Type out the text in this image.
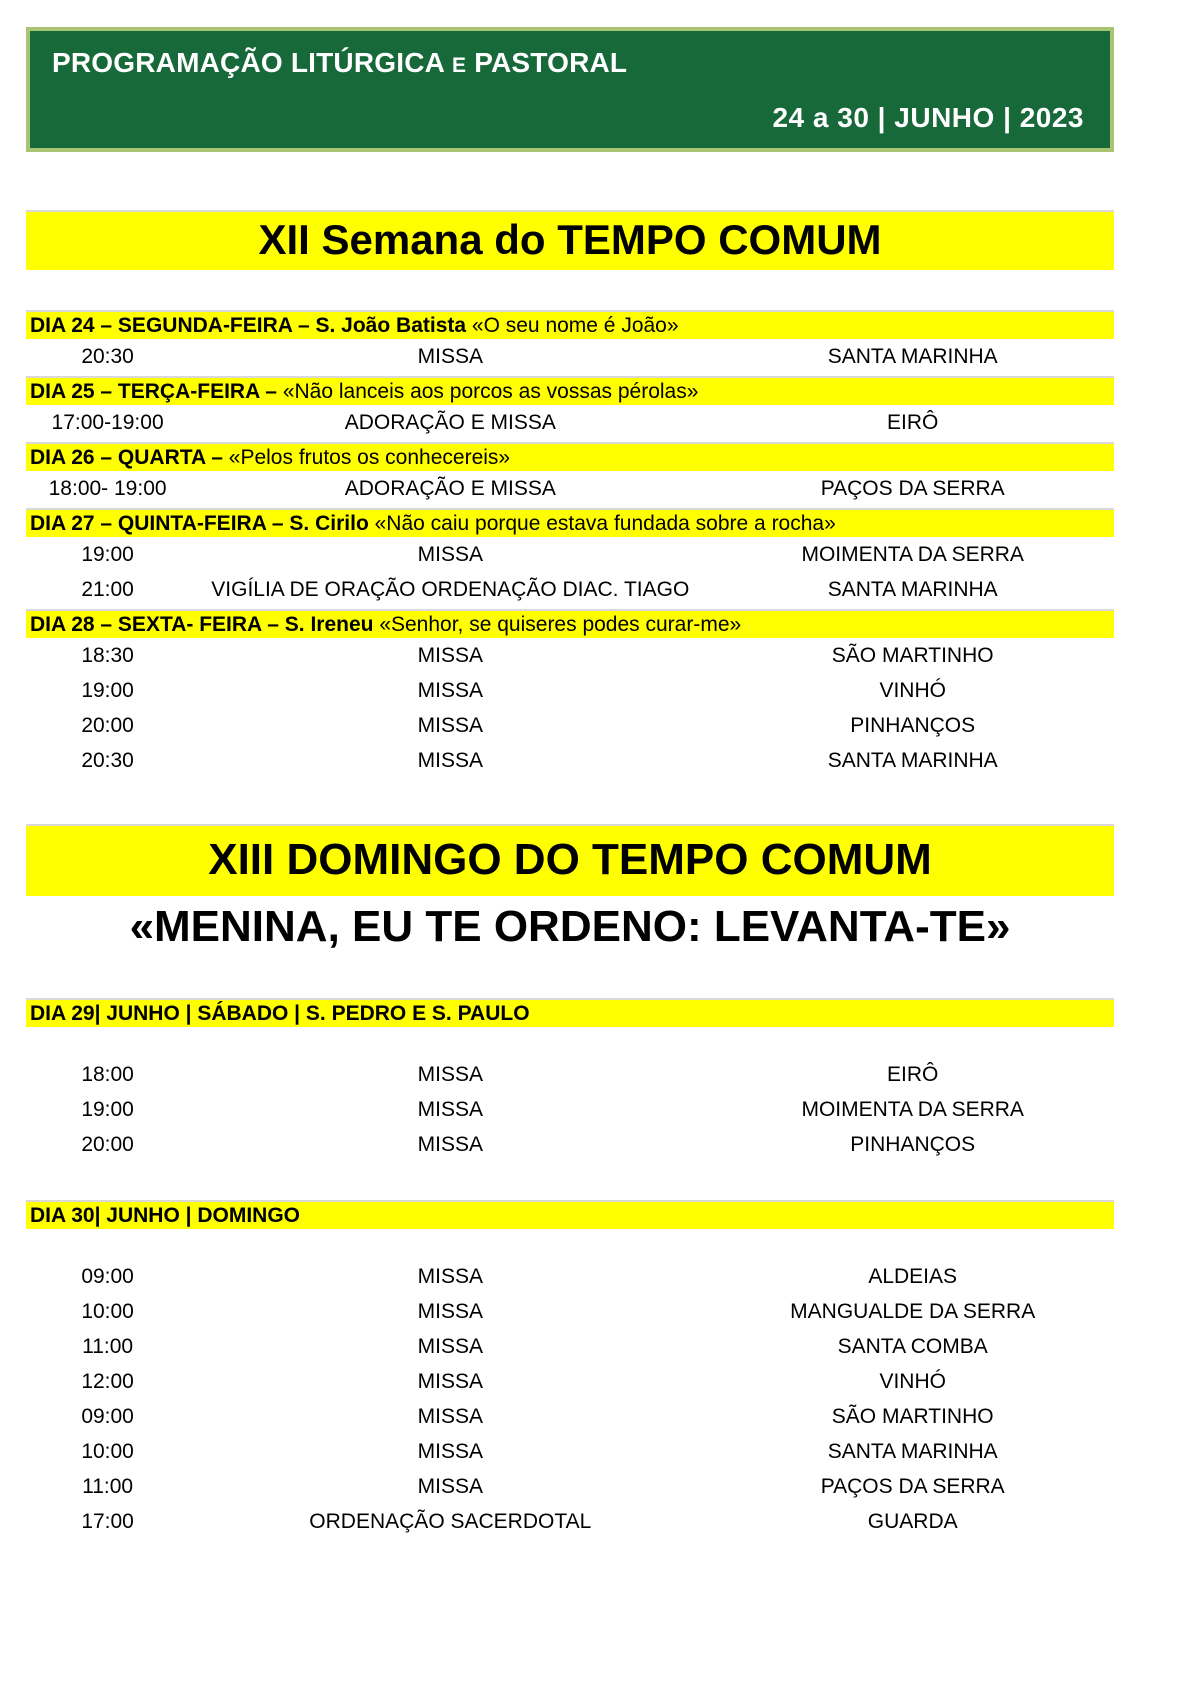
PROGRAMAÇÃO LITÚRGICA E PASTORAL
24 a 30 | JUNHO | 2023
XII Semana do TEMPO COMUM
DIA 24 – SEGUNDA-FEIRA – S. João Batista «O seu nome é João»
20:30	MISSA	SANTA MARINHA
DIA 25 – TERÇA-FEIRA – «Não lanceis aos porcos as vossas pérolas»
17:00-19:00	ADORAÇÃO E MISSA	EIRÔ
DIA 26 – QUARTA – «Pelos frutos os conhecereis»
18:00- 19:00	ADORAÇÃO E MISSA	PAÇOS DA SERRA
DIA 27 – QUINTA-FEIRA – S. Cirilo «Não caiu porque estava fundada sobre a rocha»
19:00	MISSA	MOIMENTA DA SERRA
21:00	VIGÍLIA DE ORAÇÃO ORDENAÇÃO DIAC. TIAGO	SANTA MARINHA
DIA 28 – SEXTA- FEIRA – S. Ireneu «Senhor, se quiseres podes curar-me»
18:30	MISSA	SÃO MARTINHO
19:00	MISSA	VINHÓ
20:00	MISSA	PINHANÇOS
20:30	MISSA	SANTA MARINHA
XIII DOMINGO DO TEMPO COMUM
«MENINA, EU TE ORDENO: LEVANTA-TE»
DIA 29| JUNHO | SÁBADO | S. PEDRO E S. PAULO
18:00	MISSA	EIRÔ
19:00	MISSA	MOIMENTA DA SERRA
20:00	MISSA	PINHANÇOS
DIA 30| JUNHO | DOMINGO
09:00	MISSA	ALDEIAS
10:00	MISSA	MANGUALDE DA SERRA
11:00	MISSA	SANTA COMBA
12:00	MISSA	VINHÓ
09:00	MISSA	SÃO MARTINHO
10:00	MISSA	SANTA MARINHA
11:00	MISSA	PAÇOS DA SERRA
17:00	ORDENAÇÃO SACERDOTAL	GUARDA
